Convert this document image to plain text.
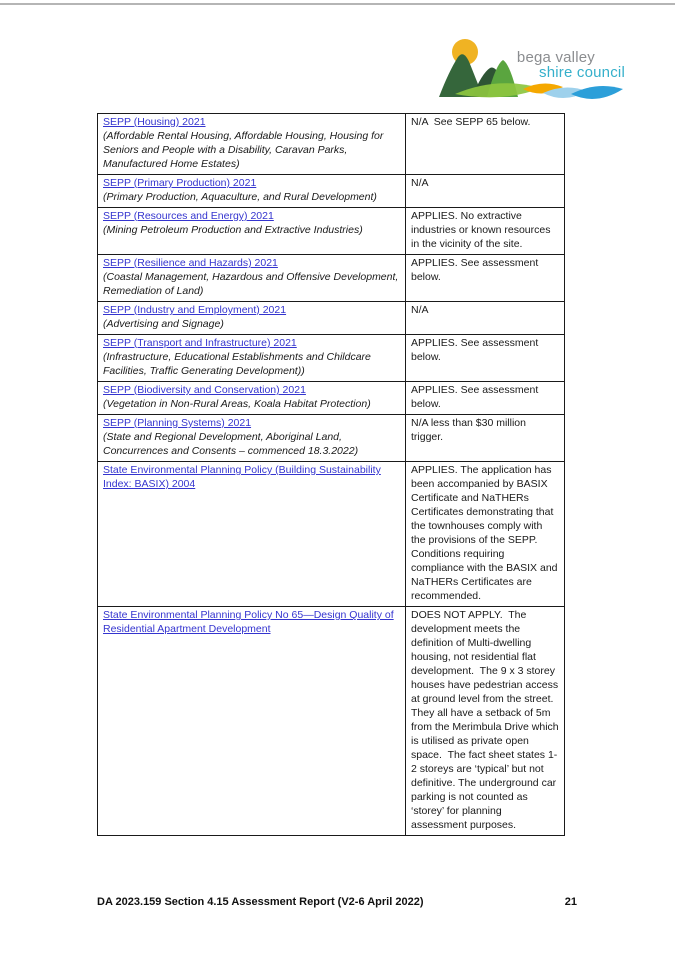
bega valley
shire council
SEPP (Housing) 2021
(Affordable Rental Housing, Affordable Housing, Housing for Seniors and People with a Disability, Caravan Parks, Manufactured Home Estates)	N/A  See SEPP 65 below.
SEPP (Primary Production) 2021
(Primary Production, Aquaculture, and Rural Development)	N/A
SEPP (Resources and Energy) 2021
(Mining Petroleum Production and Extractive Industries)	APPLIES. No extractive industries or known resources in the vicinity of the site.
SEPP (Resilience and Hazards) 2021
(Coastal Management, Hazardous and Offensive Development, Remediation of Land)	APPLIES. See assessment below.
SEPP (Industry and Employment) 2021
(Advertising and Signage)	N/A
SEPP (Transport and Infrastructure) 2021
(Infrastructure, Educational Establishments and Childcare Facilities, Traffic Generating Development))	APPLIES. See assessment below.
SEPP (Biodiversity and Conservation) 2021
(Vegetation in Non-Rural Areas, Koala Habitat Protection)	APPLIES. See assessment below.
SEPP (Planning Systems) 2021
(State and Regional Development, Aboriginal Land, Concurrences and Consents – commenced 18.3.2022)	N/A less than $30 million trigger.
State Environmental Planning Policy (Building Sustainability Index: BASIX) 2004	APPLIES. The application has been accompanied by BASIX Certificate and NaTHERs Certificates demonstrating that the townhouses comply with the provisions of the SEPP. Conditions requiring compliance with the BASIX and NaTHERs Certificates are recommended.
State Environmental Planning Policy No 65—Design Quality of Residential Apartment Development	DOES NOT APPLY.  The development meets the definition of Multi-dwelling housing, not residential flat development.  The 9 x 3 storey houses have pedestrian access at ground level from the street.  They all have a setback of 5m from the Merimbula Drive which is utilised as private open space.  The fact sheet states 1-2 storeys are ‘typical’ but not definitive. The underground car parking is not counted as ‘storey’ for planning assessment purposes.
DA 2023.159 Section 4.15 Assessment Report (V2-6 April 2022)	21
